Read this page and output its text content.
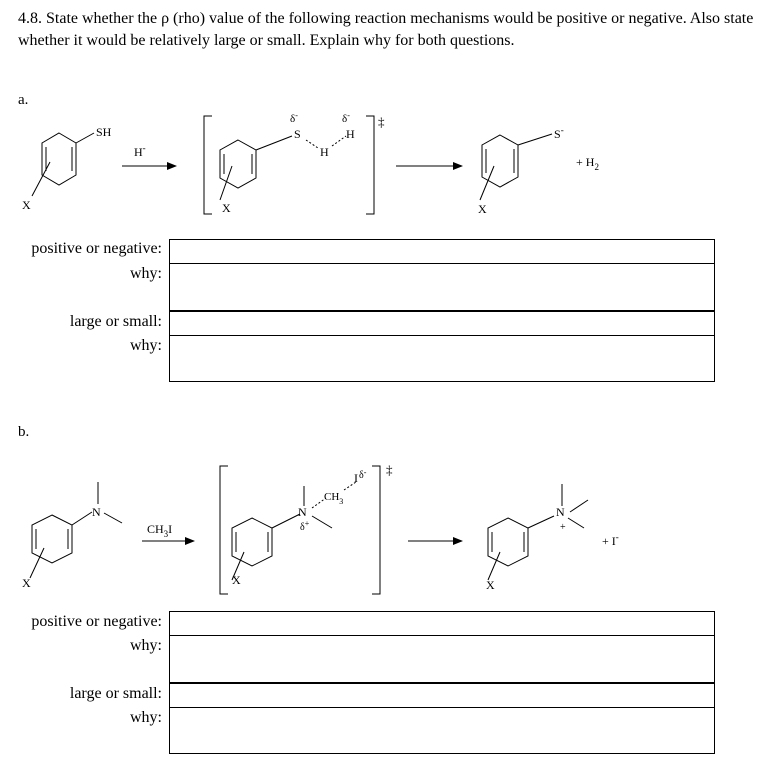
4.8. State whether the ρ (rho) value of the following reaction mechanisms would be positive or negative. Also state whether it would be relatively large or small. Explain why for both questions.
a.
b.
SH
X
H-
δ-
S
H
δ-
H
‡
X
S-
X
+ $H_2$
N
X
$CH_3I$
N
δ+
$CH_3$
$I^{\delta-}$ ‡
X
N
+
X
+ I-
positive or negative:
why:
large or small:
why:
positive or negative:
why:
large or small:
why:
